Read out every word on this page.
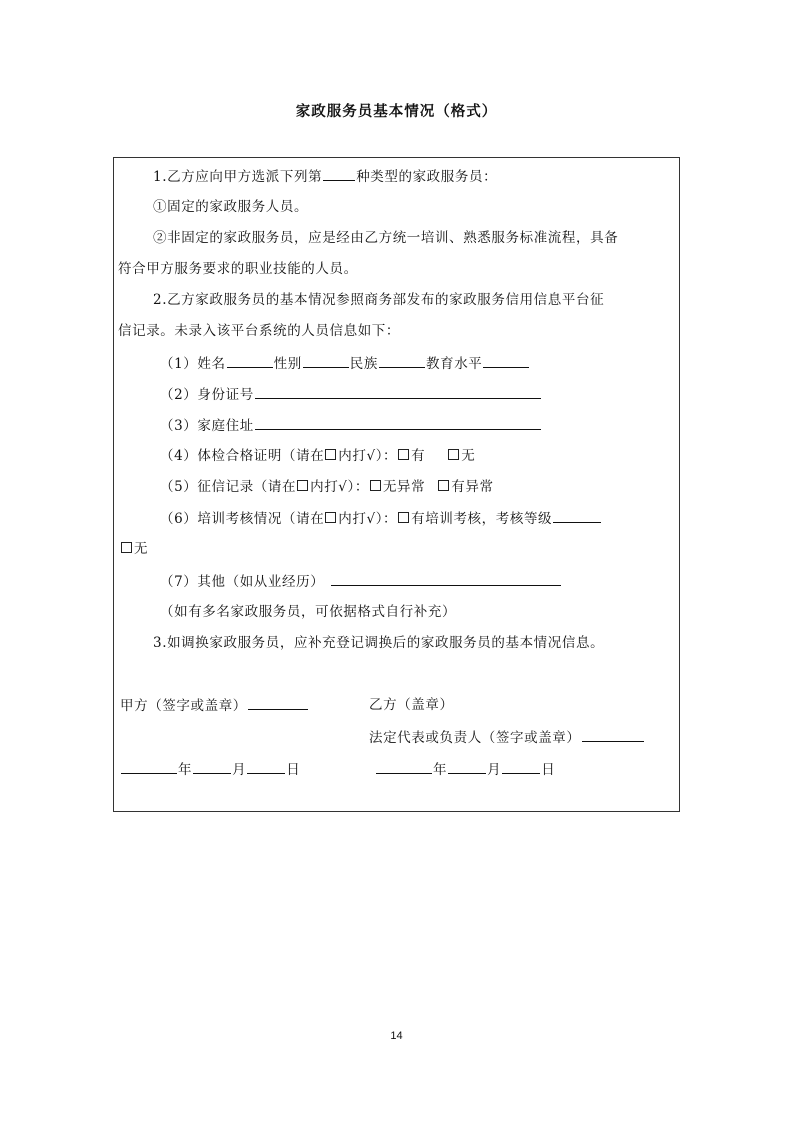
家政服务员基本情况（格式）
1.乙方应向甲方选派下列第	种类型的家政服务员：
①固定的家政服务人员。
②非固定的家政服务员，应是经由乙方统一培训、熟悉服务标准流程，具备
符合甲方服务要求的职业技能的人员。
2.乙方家政服务员的基本情况参照商务部发布的家政服务信用信息平台征
信记录。未录入该平台系统的人员信息如下：
（1）姓名	性别	民族	教育水平
（2）身份证号
（3）家庭住址
（4）体检合格证明（请在 内打√）： 有	无
（5）征信记录（请在 内打√）： 无异常 有异常
（6）培训考核情况（请在 内打√）： 有培训考核，考核等级
无
（7）其他（如从业经历）
（如有多名家政服务员，可依据格式自行补充）
3.如调换家政服务员，应补充登记调换后的家政服务员的基本情况信息。
甲方（签字或盖章）	乙方（盖章）
法定代表或负责人（签字或盖章）
年	月	日	年	月	日
14
